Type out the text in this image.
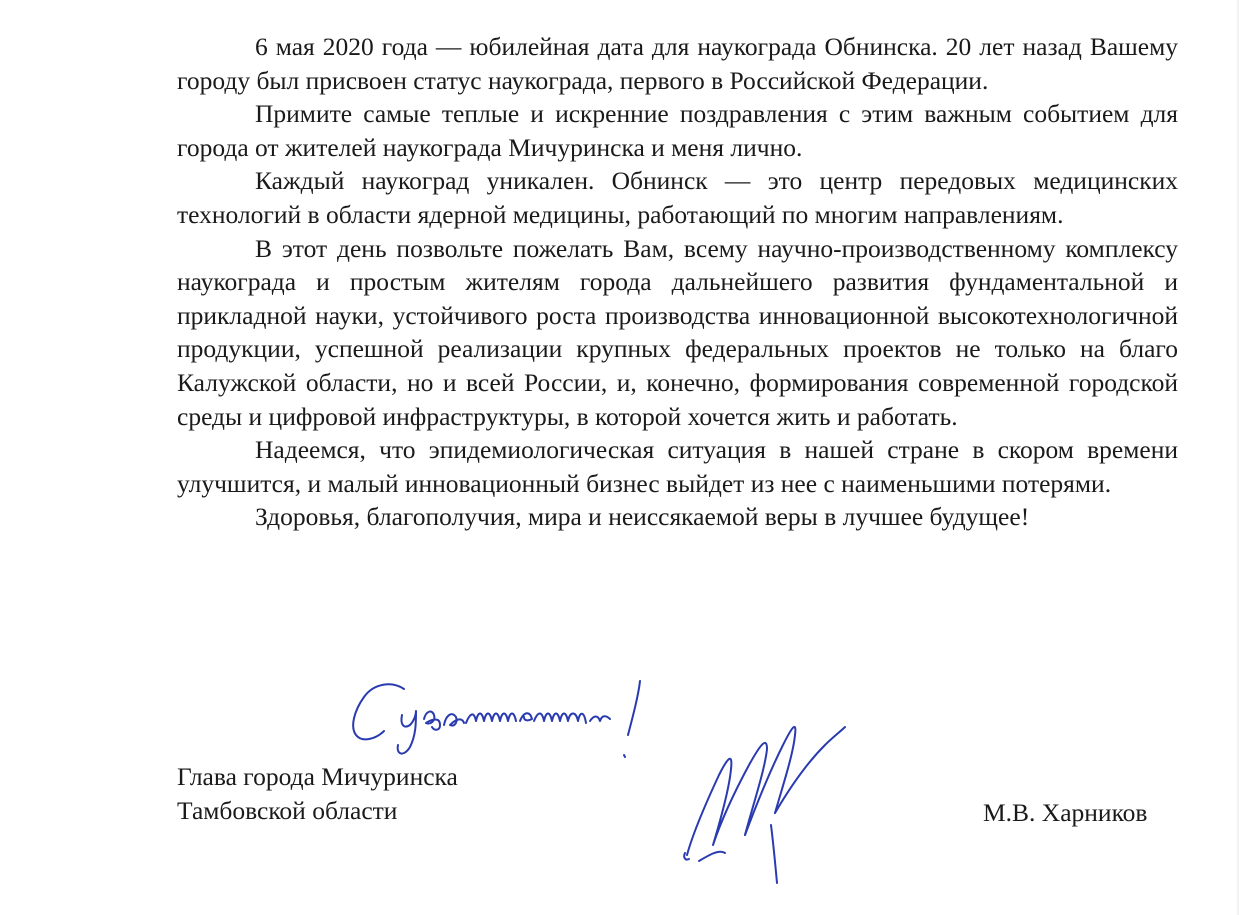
6 мая 2020 года — юбилейная дата для наукограда Обнинска. 20 лет назад Вашему городу был присвоен статус наукограда, первого в Российской Федерации.

Примите самые теплые и искренние поздравления с этим важным событием для города от жителей наукограда Мичуринска и меня лично.

Каждый наукоград уникален. Обнинск — это центр передовых медицинских технологий в области ядерной медицины, работающий по многим направлениям.

В этот день позвольте пожелать Вам, всему научно-производственному комплексу наукограда и простым жителям города дальнейшего развития фундаментальной и прикладной науки, устойчивого роста производства инновационной высокотехнологичной продукции, успешной реализации крупных федеральных проектов не только на благо Калужской области, но и всей России, и, конечно, формирования современной городской среды и цифровой инфраструктуры, в которой хочется жить и работать.

Надеемся, что эпидемиологическая ситуация в нашей стране в скором времени улучшится, и малый инновационный бизнес выйдет из нее с наименьшими потерями.

Здоровья, благополучия, мира и неиссякаемой веры в лучшее будущее!

Глава города Мичуринска
Тамбовской области	М.В. Харников
